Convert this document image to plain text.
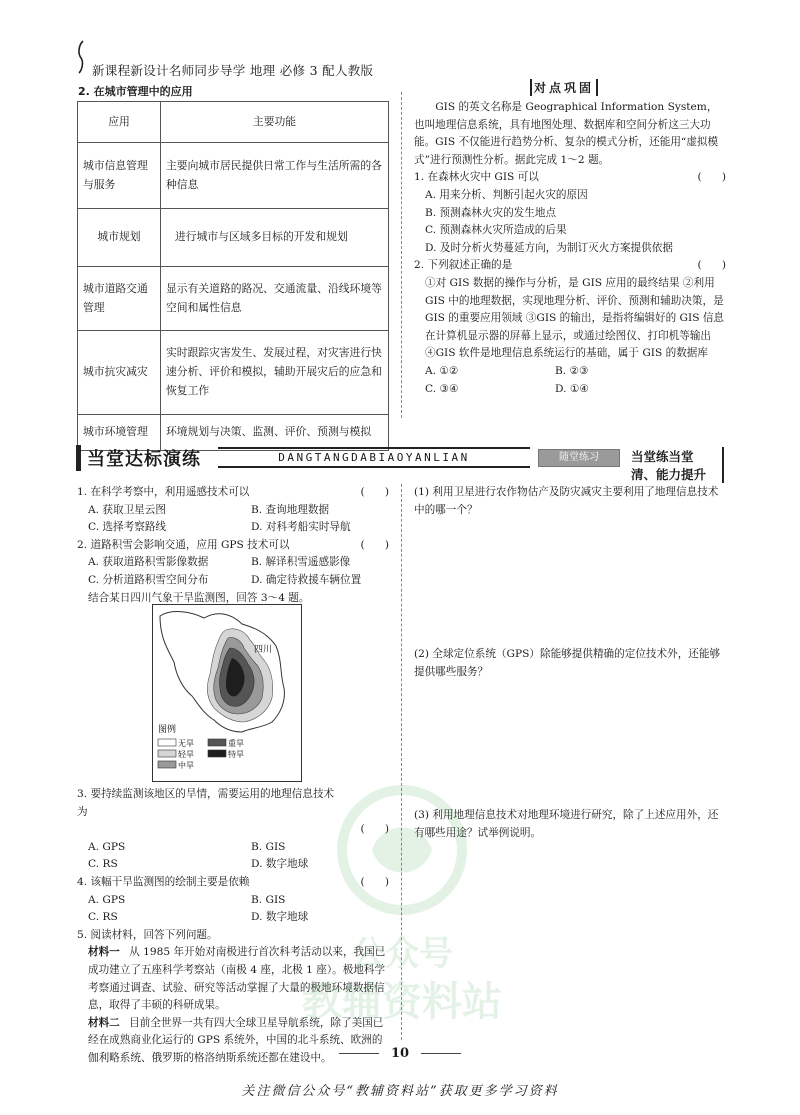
新课程新设计名师同步导学 地理 必修 3 配人教版
2. 在城市管理中的应用
应用	主要功能
城市信息管理与服务	主要向城市居民提供日常工作与生活所需的各种信息
城市规划	进行城市与区域多目标的开发和规划
城市道路交通管理	显示有关道路的路况、交通流量、沿线环境等空间和属性信息
城市抗灾减灾	实时跟踪灾害发生、发展过程，对灾害进行快速分析、评价和模拟，辅助开展灾后的应急和恢复工作
城市环境管理	环境规划与决策、监测、评价、预测与模拟
对点巩固

GIS 的英文名称是 Geographical Information System，也叫地理信息系统，具有地图处理、数据库和空间分析这三大功能。GIS 不仅能进行趋势分析、复杂的模式分析，还能用“虚拟模式”进行预测性分析。据此完成 1～2 题。

1. 在森林火灾中 GIS 可以	(      )

A. 用来分析、判断引起火灾的原因

B. 预测森林火灾的发生地点

C. 预测森林火灾所造成的后果

D. 及时分析火势蔓延方向，为制订灭火方案提供依据

2. 下列叙述正确的是	(      )

①对 GIS 数据的操作与分析，是 GIS 应用的最终结果 ②利用 GIS 中的地理数据，实现地理分析、评价、预测和辅助决策，是 GIS 的重要应用领域 ③GIS 的输出，是指将编辑好的 GIS 信息在计算机显示器的屏幕上显示，或通过绘图仪、打印机等输出 ④GIS 软件是地理信息系统运行的基础，属于 GIS 的数据库

A. ①②	B. ②③
C. ③④	D. ①④
当堂达标演练	DANGTANGDABIAOYANLIAN	随堂练习	当堂练当堂清、能力提升
1. 在科学考察中，利用遥感技术可以	(      )
A. 获取卫星云图	B. 查询地理数据
C. 选择考察路线	D. 对科考船实时导航
2. 道路积雪会影响交通，应用 GPS 技术可以	(      )
A. 获取道路积雪影像数据	B. 解译积雪遥感影像
C. 分析道路积雪空间分布	D. 确定待救援车辆位置

结合某日四川气象干旱监测图，回答 3～4 题。

四川
图例
无旱	重旱
轻旱	特旱
中旱
3. 要持续监测该地区的旱情，需要运用的地理信息技术为
(      )
A. GPS	B. GIS
C. RS	D. 数字地球
4. 该幅干旱监测图的绘制主要是依赖	(      )
A. GPS	B. GIS
C. RS	D. 数字地球

5. 阅读材料，回答下列问题。

材料一 从 1985 年开始对南极进行首次科考活动以来，我国已成功建立了五座科学考察站（南极 4 座，北极 1 座）。极地科学考察通过调查、试验、研究等活动掌握了大量的极地环境数据信息，取得了丰硕的科研成果。

材料二 目前全世界一共有四大全球卫星导航系统，除了美国已经在成熟商业化运行的 GPS 系统外，中国的北斗系统、欧洲的伽利略系统、俄罗斯的格洛纳斯系统还都在建设中。

(1) 利用卫星进行农作物估产及防灾减灾主要利用了地理信息技术中的哪一个？
(2) 全球定位系统（GPS）除能够提供精确的定位技术外，还能够提供哪些服务？
(3) 利用地理信息技术对地理环境进行研究，除了上述应用外，还有哪些用途？试举例说明。
公众号
教辅资料站
10
关注微信公众号“教辅资料站”获取更多学习资料
